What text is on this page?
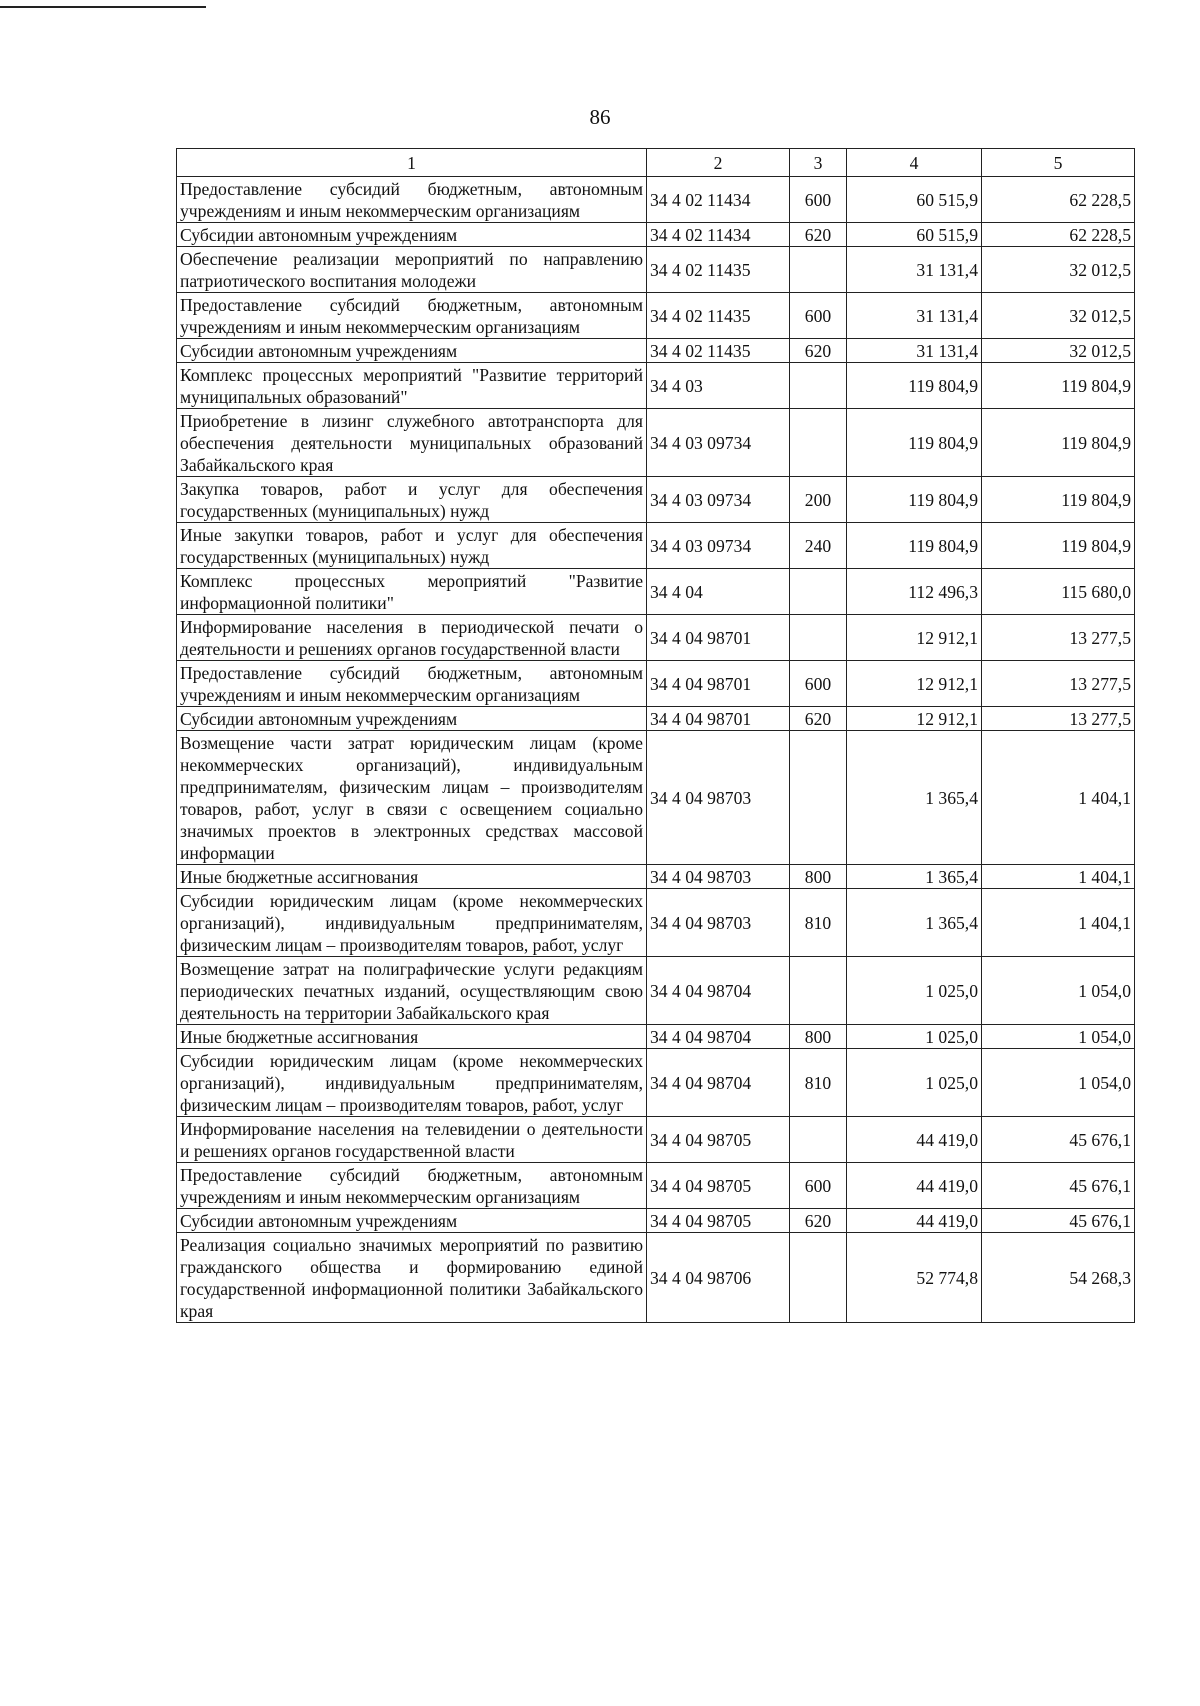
86
1	2	3	4	5
Предоставление субсидий бюджетным, автономным учреждениям и иным некоммерческим организациям	34 4 02 11434	600	60 515,9	62 228,5
Субсидии автономным учреждениям	34 4 02 11434	620	60 515,9	62 228,5
Обеспечение реализации мероприятий по направлению патриотического воспитания молодежи	34 4 02 11435		31 131,4	32 012,5
Предоставление субсидий бюджетным, автономным учреждениям и иным некоммерческим организациям	34 4 02 11435	600	31 131,4	32 012,5
Субсидии автономным учреждениям	34 4 02 11435	620	31 131,4	32 012,5
Комплекс процессных мероприятий "Развитие территорий муниципальных образований"	34 4 03		119 804,9	119 804,9
Приобретение в лизинг служебного автотранспорта для обеспечения деятельности муниципальных образований Забайкальского края	34 4 03 09734		119 804,9	119 804,9
Закупка товаров, работ и услуг для обеспечения государственных (муниципальных) нужд	34 4 03 09734	200	119 804,9	119 804,9
Иные закупки товаров, работ и услуг для обеспечения государственных (муниципальных) нужд	34 4 03 09734	240	119 804,9	119 804,9
Комплекс процессных мероприятий "Развитие информационной политики"	34 4 04		112 496,3	115 680,0
Информирование населения в периодической печати о деятельности и решениях органов государственной власти	34 4 04 98701		12 912,1	13 277,5
Предоставление субсидий бюджетным, автономным учреждениям и иным некоммерческим организациям	34 4 04 98701	600	12 912,1	13 277,5
Субсидии автономным учреждениям	34 4 04 98701	620	12 912,1	13 277,5
Возмещение части затрат юридическим лицам (кроме некоммерческих организаций), индивидуальным предпринимателям, физическим лицам – производителям товаров, работ, услуг в связи с освещением социально значимых проектов в электронных средствах массовой информации	34 4 04 98703		1 365,4	1 404,1
Иные бюджетные ассигнования	34 4 04 98703	800	1 365,4	1 404,1
Субсидии юридическим лицам (кроме некоммерческих организаций), индивидуальным предпринимателям, физическим лицам – производителям товаров, работ, услуг	34 4 04 98703	810	1 365,4	1 404,1
Возмещение затрат на полиграфические услуги редакциям периодических печатных изданий, осуществляющим свою деятельность на территории Забайкальского края	34 4 04 98704		1 025,0	1 054,0
Иные бюджетные ассигнования	34 4 04 98704	800	1 025,0	1 054,0
Субсидии юридическим лицам (кроме некоммерческих организаций), индивидуальным предпринимателям, физическим лицам – производителям товаров, работ, услуг	34 4 04 98704	810	1 025,0	1 054,0
Информирование населения на телевидении о деятельности и решениях органов государственной власти	34 4 04 98705		44 419,0	45 676,1
Предоставление субсидий бюджетным, автономным учреждениям и иным некоммерческим организациям	34 4 04 98705	600	44 419,0	45 676,1
Субсидии автономным учреждениям	34 4 04 98705	620	44 419,0	45 676,1
Реализация социально значимых мероприятий по развитию гражданского общества и формированию единой государственной информационной политики Забайкальского края	34 4 04 98706		52 774,8	54 268,3
